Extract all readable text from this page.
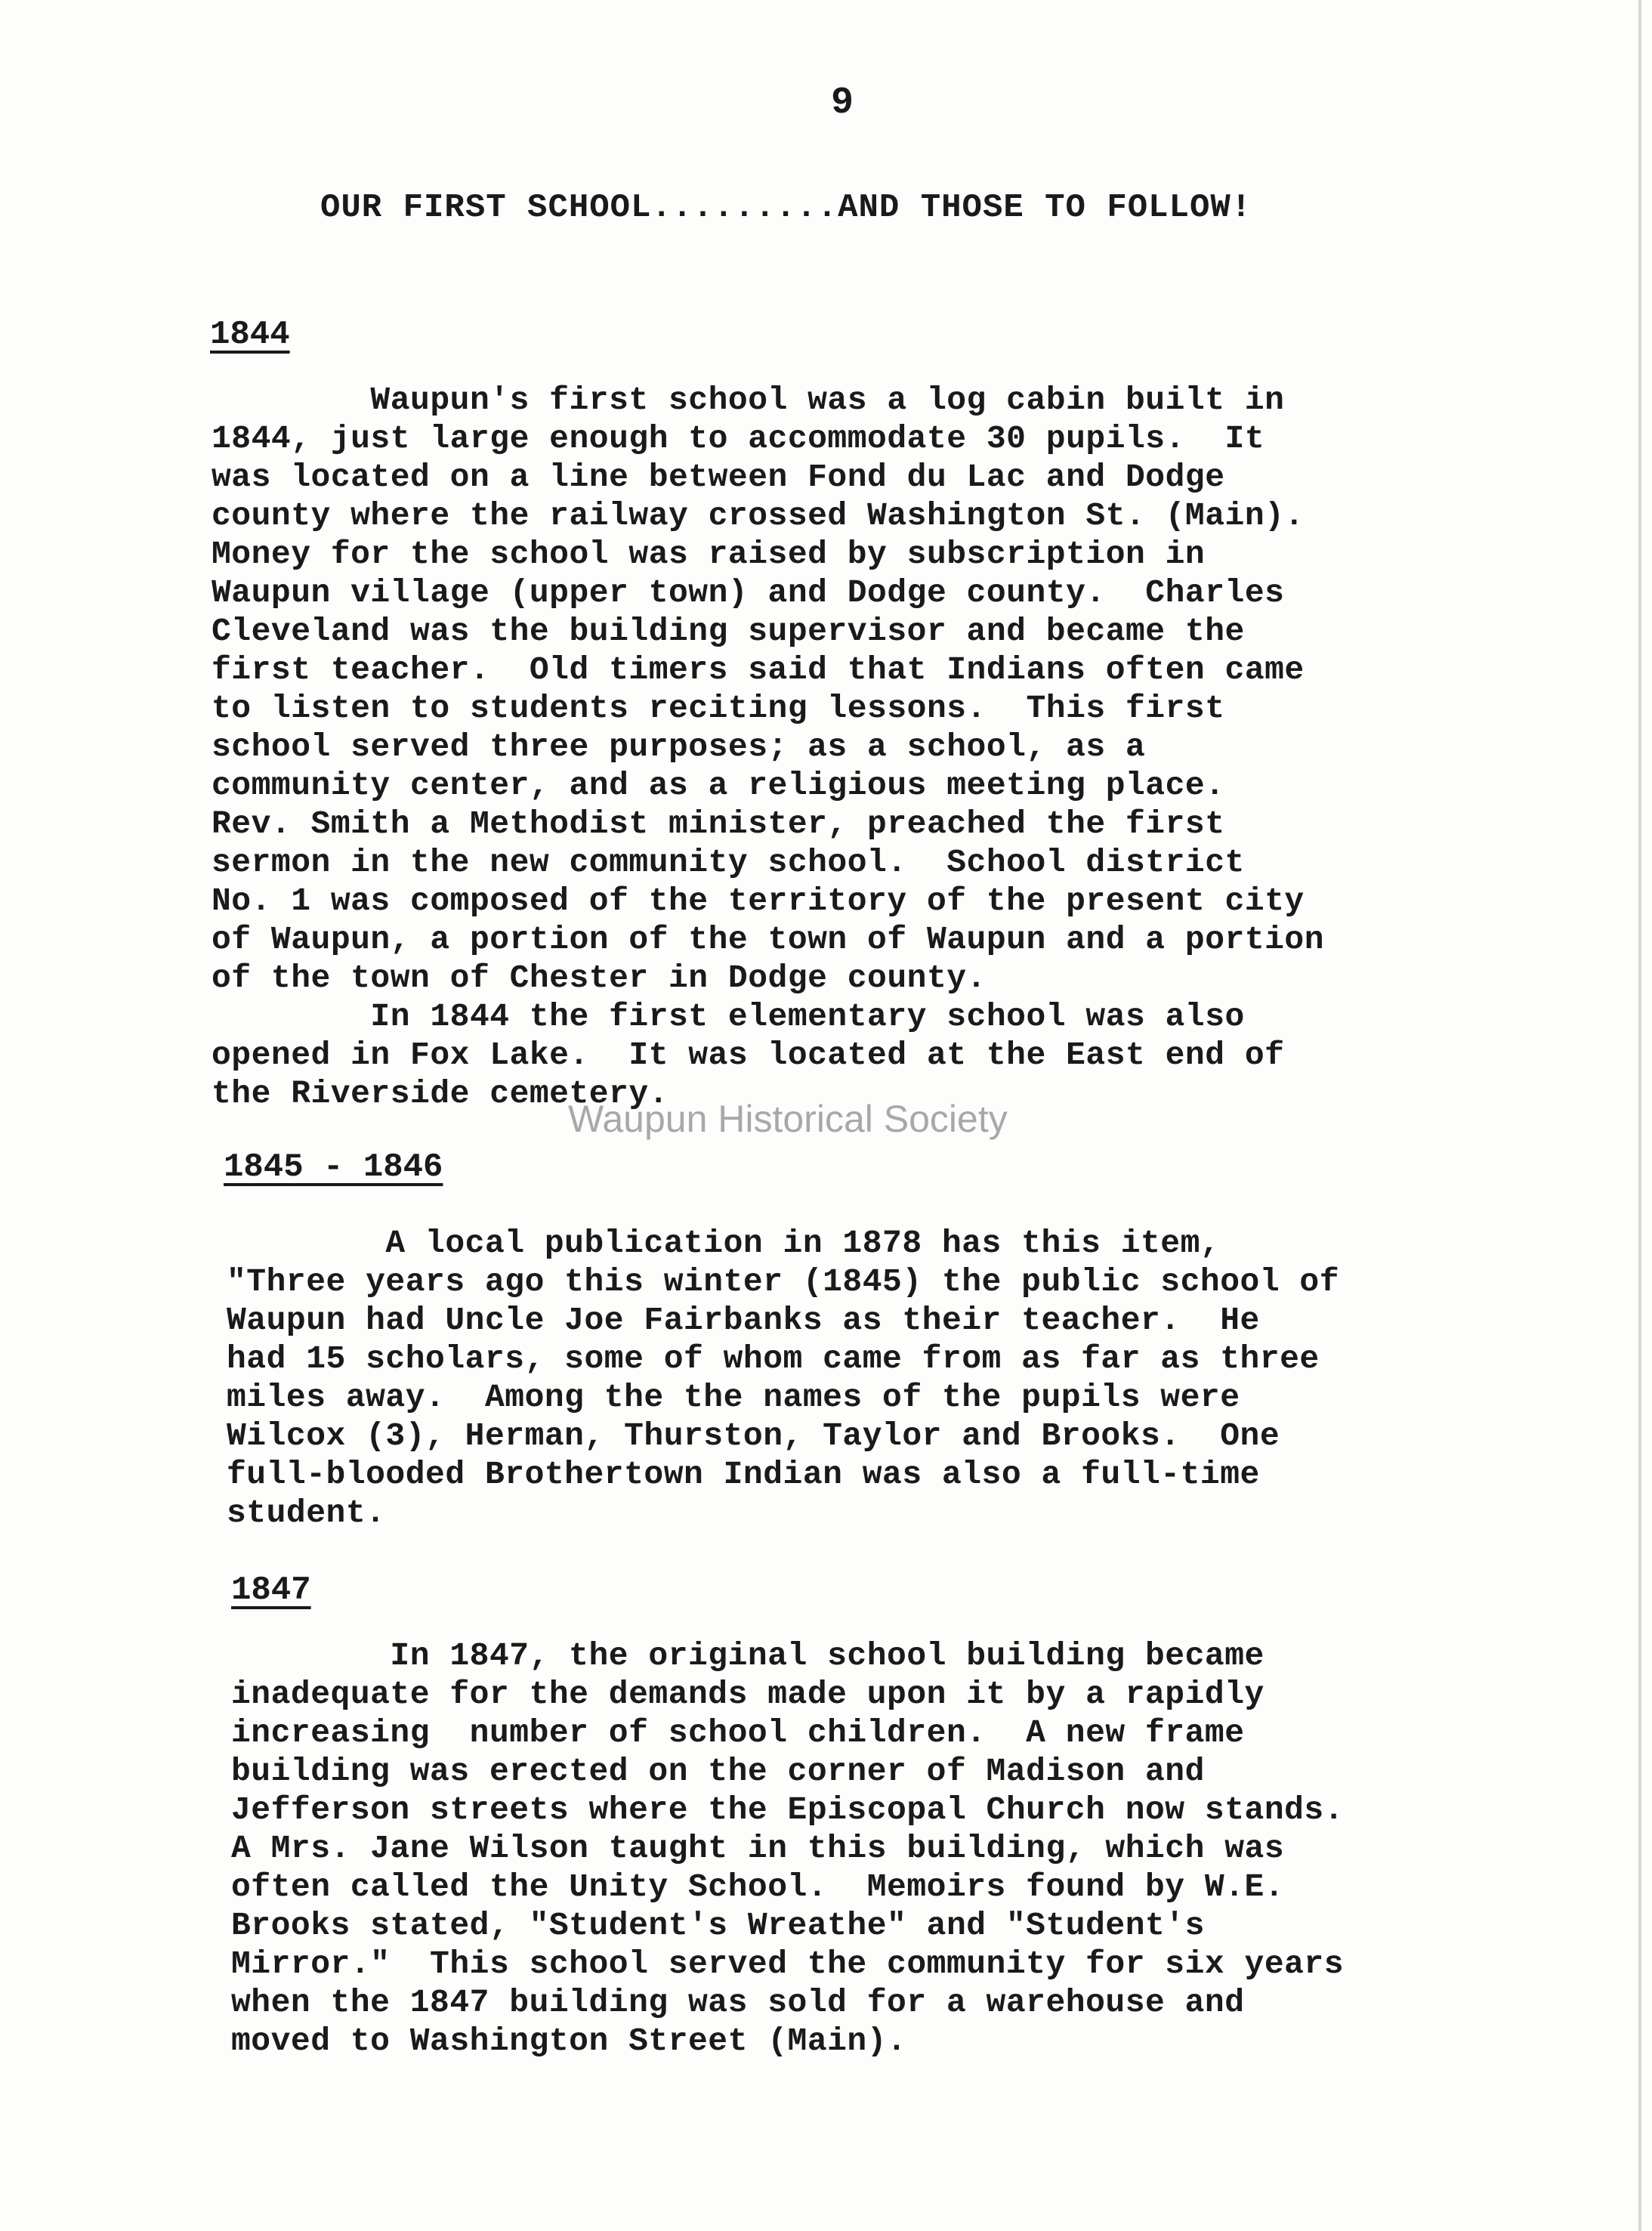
9
OUR FIRST SCHOOL.........AND THOSE TO FOLLOW!
1844

Waupun's first school was a log cabin built in
1844, just large enough to accommodate 30 pupils.  It
was located on a line between Fond du Lac and Dodge
county where the railway crossed Washington St. (Main).
Money for the school was raised by subscription in
Waupun village (upper town) and Dodge county.  Charles
Cleveland was the building supervisor and became the
first teacher.  Old timers said that Indians often came
to listen to students reciting lessons.  This first
school served three purposes; as a school, as a
community center, and as a religious meeting place.
Rev. Smith a Methodist minister, preached the first
sermon in the new community school.  School district
No. 1 was composed of the territory of the present city
of Waupun, a portion of the town of Waupun and a portion
of the town of Chester in Dodge county.
In 1844 the first elementary school was also
opened in Fox Lake.  It was located at the East end of
the Riverside cemetery.

1845 - 1846

A local publication in 1878 has this item,
"Three years ago this winter (1845) the public school of
Waupun had Uncle Joe Fairbanks as their teacher.  He
had 15 scholars, some of whom came from as far as three
miles away.  Among the the names of the pupils were
Wilcox (3), Herman, Thurston, Taylor and Brooks.  One
full-blooded Brothertown Indian was also a full-time
student.

1847

In 1847, the original school building became
inadequate for the demands made upon it by a rapidly
increasing  number of school children.  A new frame
building was erected on the corner of Madison and
Jefferson streets where the Episcopal Church now stands.
A Mrs. Jane Wilson taught in this building, which was
often called the Unity School.  Memoirs found by W.E.
Brooks stated, "Student's Wreathe" and "Student's
Mirror."  This school served the community for six years
when the 1847 building was sold for a warehouse and
moved to Washington Street (Main).

Waupun Historical Society
